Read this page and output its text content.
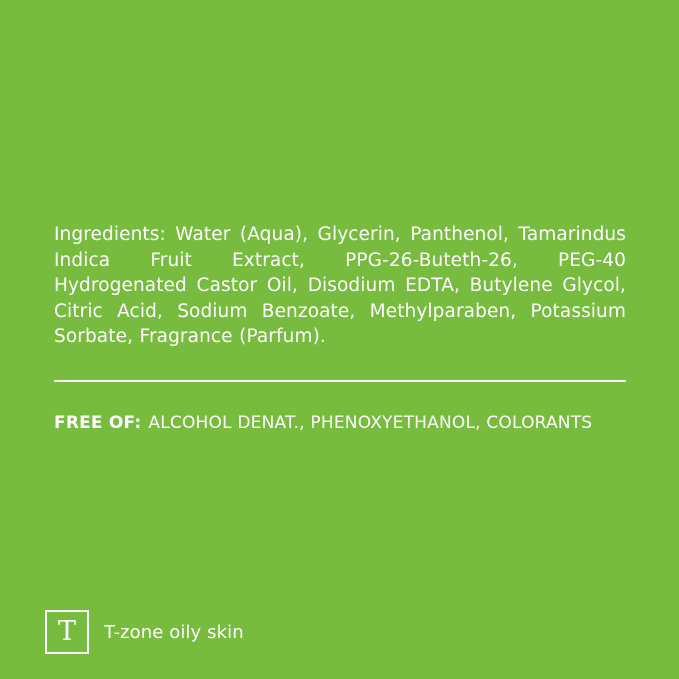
Ingredients: Water (Aqua), Glycerin, Panthenol, Tamarindus Indica Fruit Extract, PPG-26-Buteth-26, PEG-40 Hydrogenated Castor Oil, Disodium EDTA, Butylene Glycol, Citric Acid, Sodium Benzoate, Methylparaben, Potassium Sorbate, Fragrance (Parfum).

FREE OF: ALCOHOL DENAT., PHENOXYETHANOL, COLORANTS
T T-zone oily skin
